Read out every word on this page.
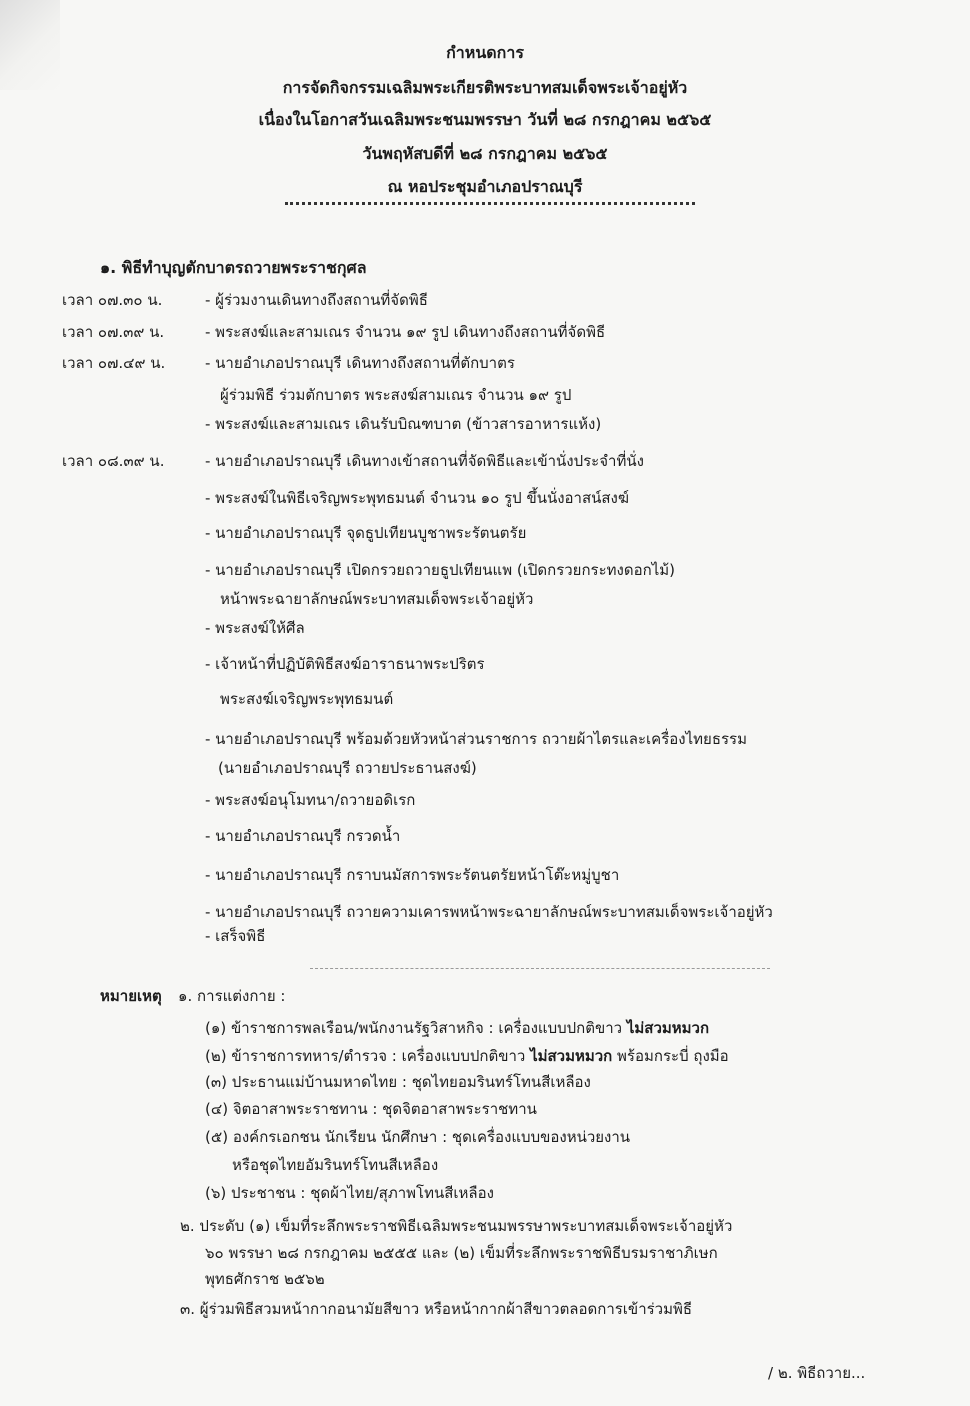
กำหนดการ
การจัดกิจกรรมเฉลิมพระเกียรติพระบาทสมเด็จพระเจ้าอยู่หัว
เนื่องในโอกาสวันเฉลิมพระชนมพรรษา วันที่ ๒๘ กรกฎาคม ๒๕๖๕
วันพฤหัสบดีที่ ๒๘ กรกฎาคม ๒๕๖๕
ณ หอประชุมอำเภอปราณบุรี
๑. พิธีทำบุญตักบาตรถวายพระราชกุศล
เวลา ๐๗.๓๐ น.	- ผู้ร่วมงานเดินทางถึงสถานที่จัดพิธี
เวลา ๐๗.๓๙ น.	- พระสงฆ์และสามเณร จำนวน ๑๙ รูป เดินทางถึงสถานที่จัดพิธี
เวลา ๐๗.๔๙ น.	- นายอำเภอปราณบุรี เดินทางถึงสถานที่ตักบาตร
ผู้ร่วมพิธี ร่วมตักบาตร พระสงฆ์สามเณร จำนวน ๑๙ รูป
- พระสงฆ์และสามเณร เดินรับบิณฑบาต (ข้าวสารอาหารแห้ง)
เวลา ๐๘.๓๙ น.	- นายอำเภอปราณบุรี เดินทางเข้าสถานที่จัดพิธีและเข้านั่งประจำที่นั่ง
- พระสงฆ์ในพิธีเจริญพระพุทธมนต์ จำนวน ๑๐ รูป ขึ้นนั่งอาสน์สงฆ์
- นายอำเภอปราณบุรี จุดธูปเทียนบูชาพระรัตนตรัย
- นายอำเภอปราณบุรี เปิดกรวยถวายธูปเทียนแพ (เปิดกรวยกระทงดอกไม้)
หน้าพระฉายาลักษณ์พระบาทสมเด็จพระเจ้าอยู่หัว
- พระสงฆ์ให้ศีล
- เจ้าหน้าที่ปฏิบัติพิธีสงฆ์อาราธนาพระปริตร
พระสงฆ์เจริญพระพุทธมนต์
- นายอำเภอปราณบุรี พร้อมด้วยหัวหน้าส่วนราชการ ถวายผ้าไตรและเครื่องไทยธรรม
(นายอำเภอปราณบุรี ถวายประธานสงฆ์)
- พระสงฆ์อนุโมทนา/ถวายอดิเรก
- นายอำเภอปราณบุรี กรวดน้ำ
- นายอำเภอปราณบุรี กราบนมัสการพระรัตนตรัยหน้าโต๊ะหมู่บูชา
- นายอำเภอปราณบุรี ถวายความเคารพหน้าพระฉายาลักษณ์พระบาทสมเด็จพระเจ้าอยู่หัว
- เสร็จพิธี
หมายเหตุ ๑. การแต่งกาย :
(๑) ข้าราชการพลเรือน/พนักงานรัฐวิสาหกิจ : เครื่องแบบปกติขาว ไม่สวมหมวก
(๒) ข้าราชการทหาร/ตำรวจ : เครื่องแบบปกติขาว ไม่สวมหมวก พร้อมกระบี่ ถุงมือ
(๓) ประธานแม่บ้านมหาดไทย : ชุดไทยอมรินทร์โทนสีเหลือง
(๔) จิตอาสาพระราชทาน : ชุดจิตอาสาพระราชทาน
(๕) องค์กรเอกชน นักเรียน นักศึกษา : ชุดเครื่องแบบของหน่วยงาน
หรือชุดไทยอัมรินทร์โทนสีเหลือง
(๖) ประชาชน : ชุดผ้าไทย/สุภาพโทนสีเหลือง
๒. ประดับ (๑) เข็มที่ระลึกพระราชพิธีเฉลิมพระชนมพรรษาพระบาทสมเด็จพระเจ้าอยู่หัว
๖๐ พรรษา ๒๘ กรกฎาคม ๒๕๕๕ และ (๒) เข็มที่ระลึกพระราชพิธีบรมราชาภิเษก
พุทธศักราช ๒๕๖๒
๓. ผู้ร่วมพิธีสวมหน้ากากอนามัยสีขาว หรือหน้ากากผ้าสีขาวตลอดการเข้าร่วมพิธี
/ ๒. พิธีถวาย...
